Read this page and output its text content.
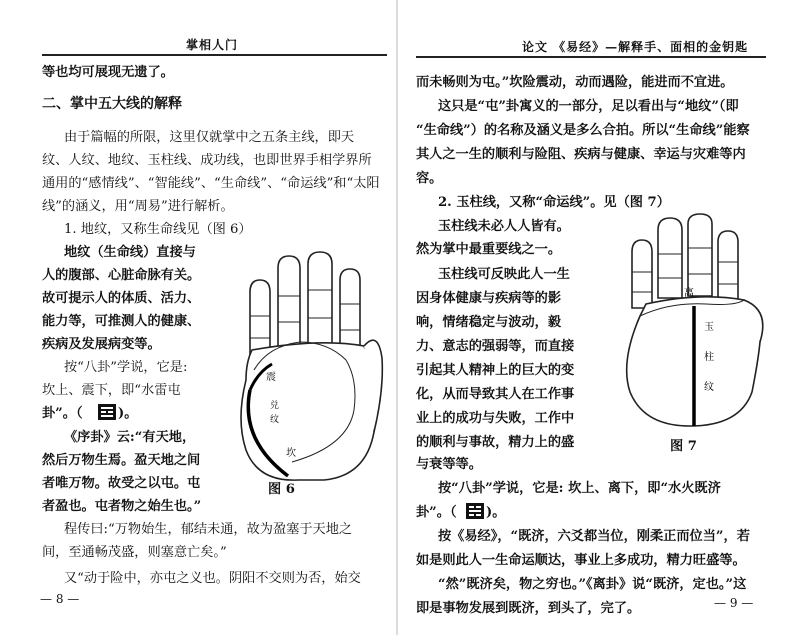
掌相人门
等也均可展现无遗了。
二、掌中五大线的解释
由于篇幅的所限，这里仅就掌中之五条主线，即天
纹、人纹、地纹、玉柱线、成功线，也即世界手相学界所
通用的“感情线”、“智能线”、“生命线”、“命运线”和“太阳
线”的涵义，用“周易”进行解析。
1. 地纹，又称生命线见（图 6）
地纹（生命线）直接与
人的腹部、心脏命脉有关。
故可提示人的体质、活力、
能力等，可推测人的健康、
疾病及发展病变等。
按“八卦”学说，它是:
坎上、震下，即“水雷屯
卦”。（	)。
《序卦》云:“有天地，
然后万物生焉。盈天地之间
者唯万物。故受之以屯。屯
者盈也。屯者物之始生也。”
程传曰:“万物始生，郁结未通，故为盈塞于天地之
间，至通畅茂盛，则塞意亡矣。”
又“动于险中，亦屯之义也。阴阳不交则为否，始交
— 8 —
震
兑
纹
坎
图 6
论文 《易经》—解释手、面相的金钥匙
而未畅则为屯。”坎险震动，动而遇险，能进而不宜进。
这只是“屯”卦寓义的一部分，足以看出与“地纹”（即
“生命线”）的名称及涵义是多么合拍。所以“生命线”能察
其人之一生的顺利与险阻、疾病与健康、幸运与灾难等内
容。
2. 玉柱线，又称“命运线”。见（图 7）
玉柱线未必人人皆有。
然为掌中最重要线之一。
玉柱线可反映此人一生
因身体健康与疾病等的影
响，情绪稳定与波动，毅
力、意志的强弱等，而直接
引起其人精神上的巨大的变
化，从而导致其人在工作事
业上的成功与失败，工作中
的顺利与事故，精力上的盛
与衰等等。
按“八卦”学说，它是: 坎上、离下，即“水火既济
卦”。（ )。
按《易经》，“既济，六爻都当位，刚柔正而位当”，若
如是则此人一生命运顺达，事业上多成功，精力旺盛等。
“然”既济矣，物之穷也。”《离卦》说“既济，定也。”这
即是事物发展到既济，到头了，完了。	— 9 —
离
玉
柱
纹
图 7
